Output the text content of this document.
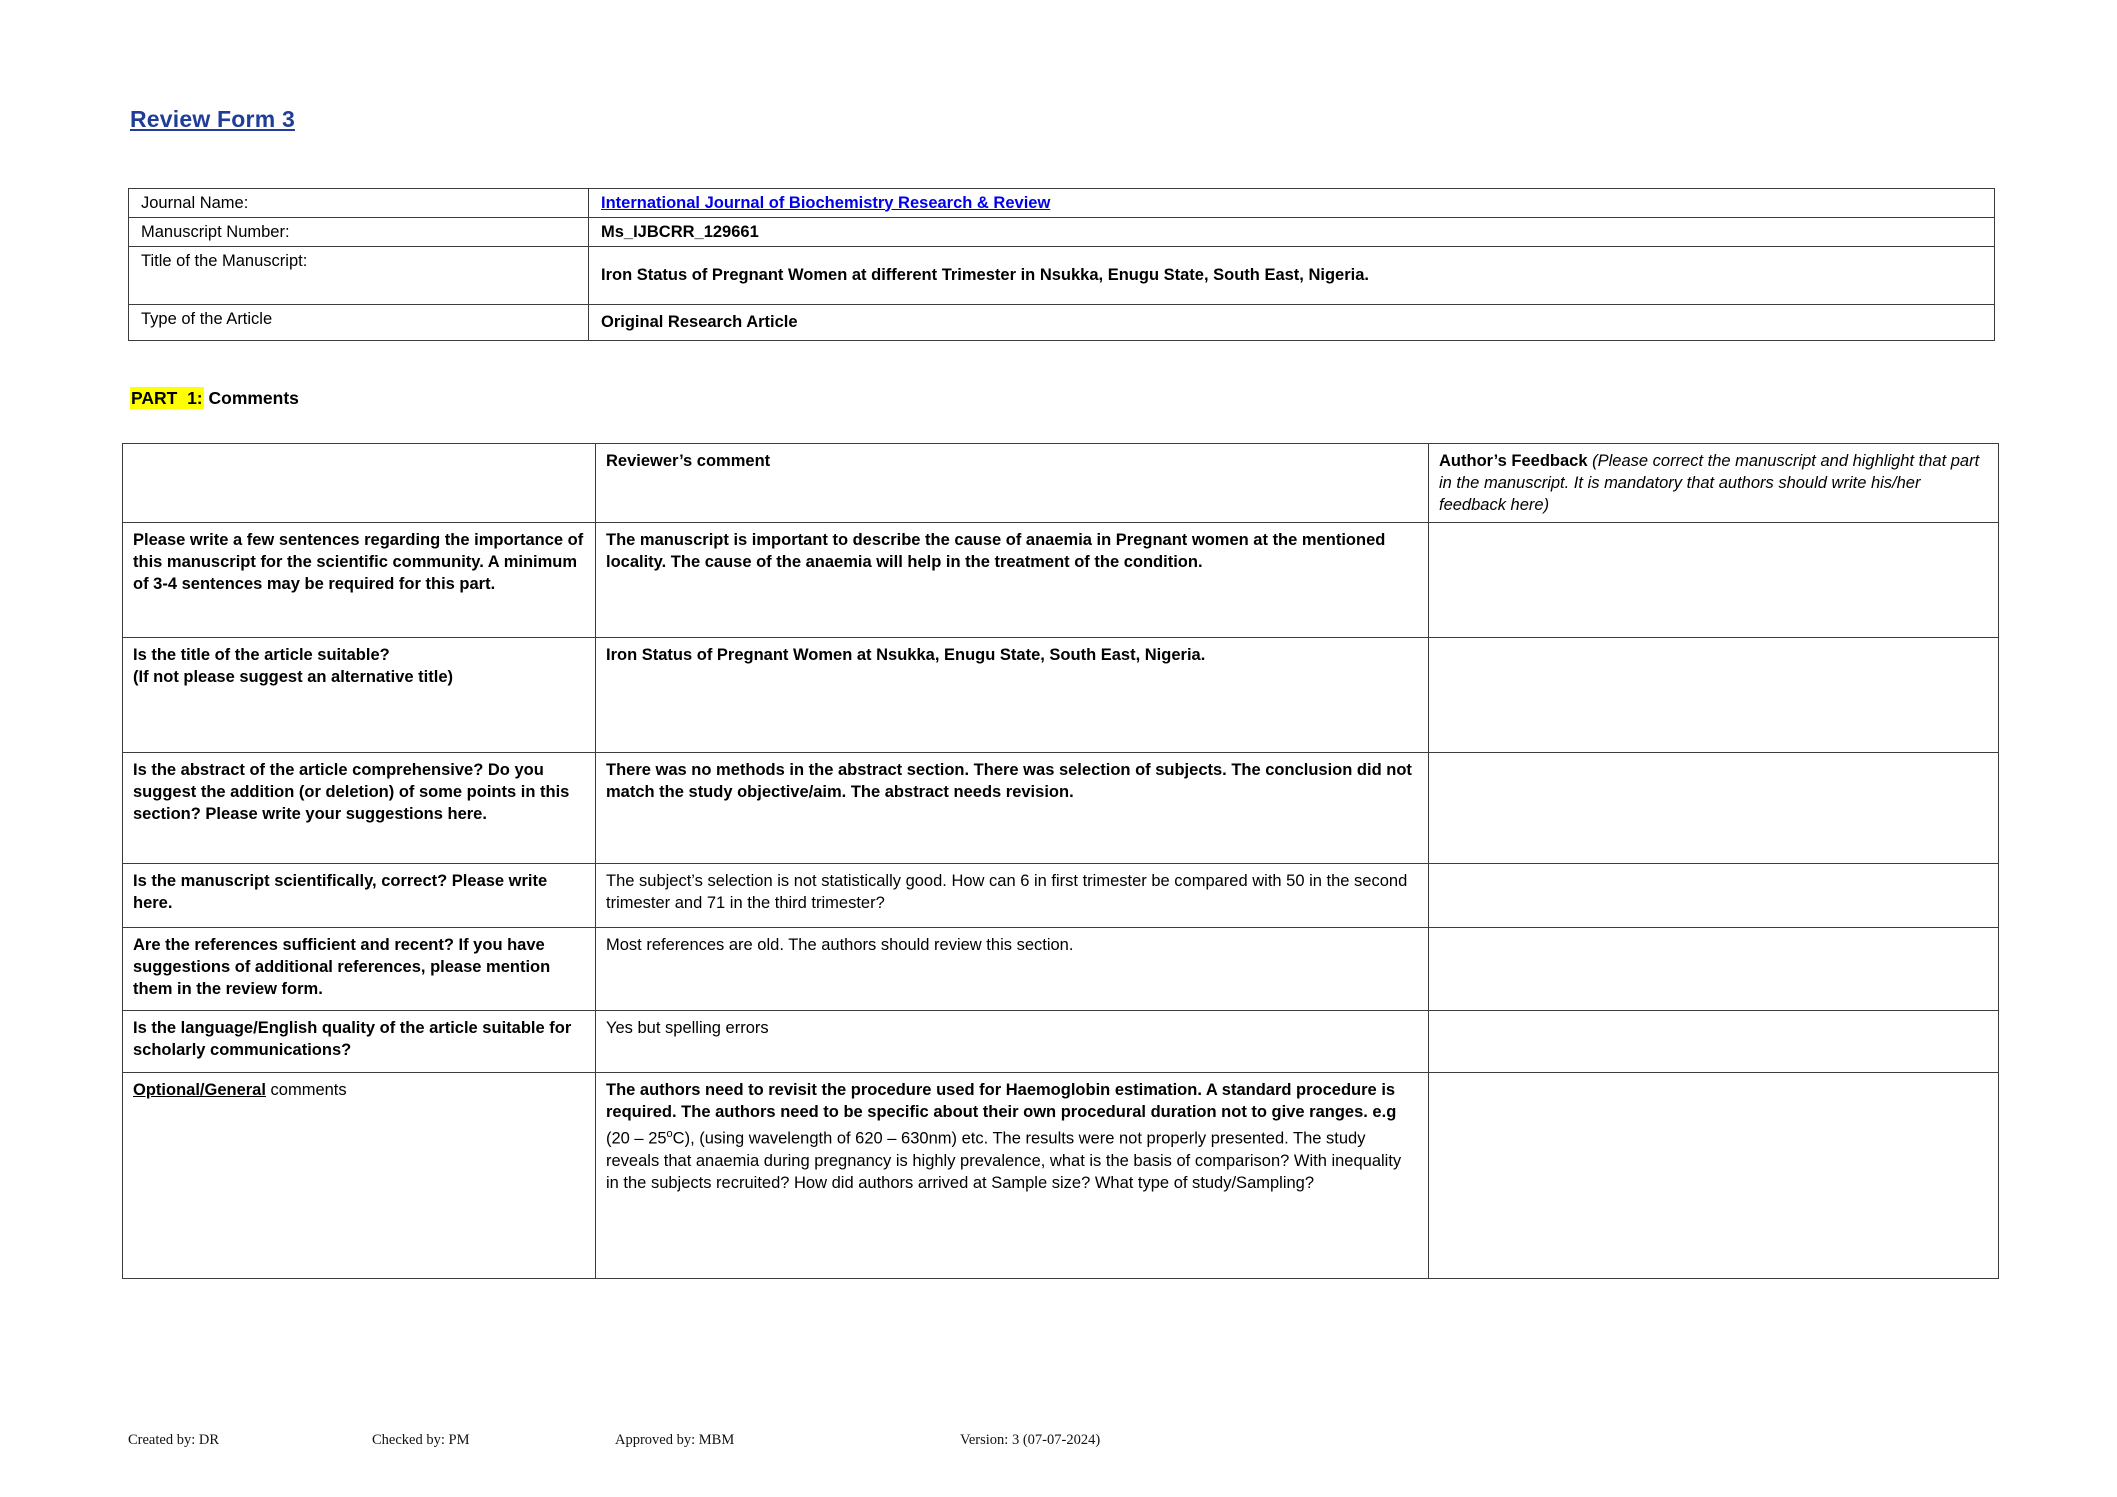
Review Form 3
Journal Name:	International Journal of Biochemistry Research & Review
Manuscript Number:	Ms_IJBCRR_129661
Title of the Manuscript:	Iron Status of Pregnant Women at different Trimester in Nsukka, Enugu State, South East, Nigeria.
Type of the Article	Original Research Article
PART  1: Comments
	Reviewer’s comment	Author’s Feedback (Please correct the manuscript and highlight that part in the manuscript. It is mandatory that authors should write his/her feedback here)
Please write a few sentences regarding the importance of this manuscript for the scientific community. A minimum of 3-4 sentences may be required for this part.	The manuscript is important to describe the cause of anaemia in Pregnant women at the mentioned locality. The cause of the anaemia will help in the treatment of the condition.	

Is the title of the article suitable?
(If not please suggest an alternative title)	Iron Status of Pregnant Women at Nsukka, Enugu State, South East, Nigeria.	
Is the abstract of the article comprehensive? Do you suggest the addition (or deletion) of some points in this section? Please write your suggestions here.	There was no methods in the abstract section. There was selection of subjects. The conclusion did not match the study objective/aim. The abstract needs revision.	
Is the manuscript scientifically, correct? Please write here.	The subject’s selection is not statistically good. How can 6 in first trimester be compared with 50 in the second trimester and 71 in the third trimester?	
Are the references sufficient and recent? If you have suggestions of additional references, please mention them in the review form.	Most references are old. The authors should review this section.	
Is the language/English quality of the article suitable for scholarly communications?	Yes but spelling errors	
Optional/General comments	The authors need to revisit the procedure used for Haemoglobin estimation. A standard procedure is required. The authors need to be specific about their own procedural duration not to give ranges. e.g (20 – 25$^o$C), (using wavelength of 620 – 630nm) etc. The results were not properly presented. The study reveals that anaemia during pregnancy is highly prevalence, what is the basis of comparison? With inequality in the subjects recruited? How did authors arrived at Sample size? What type of study/Sampling?	
Created by: DR	Checked by: PM	Approved by: MBM	Version: 3 (07-07-2024)
